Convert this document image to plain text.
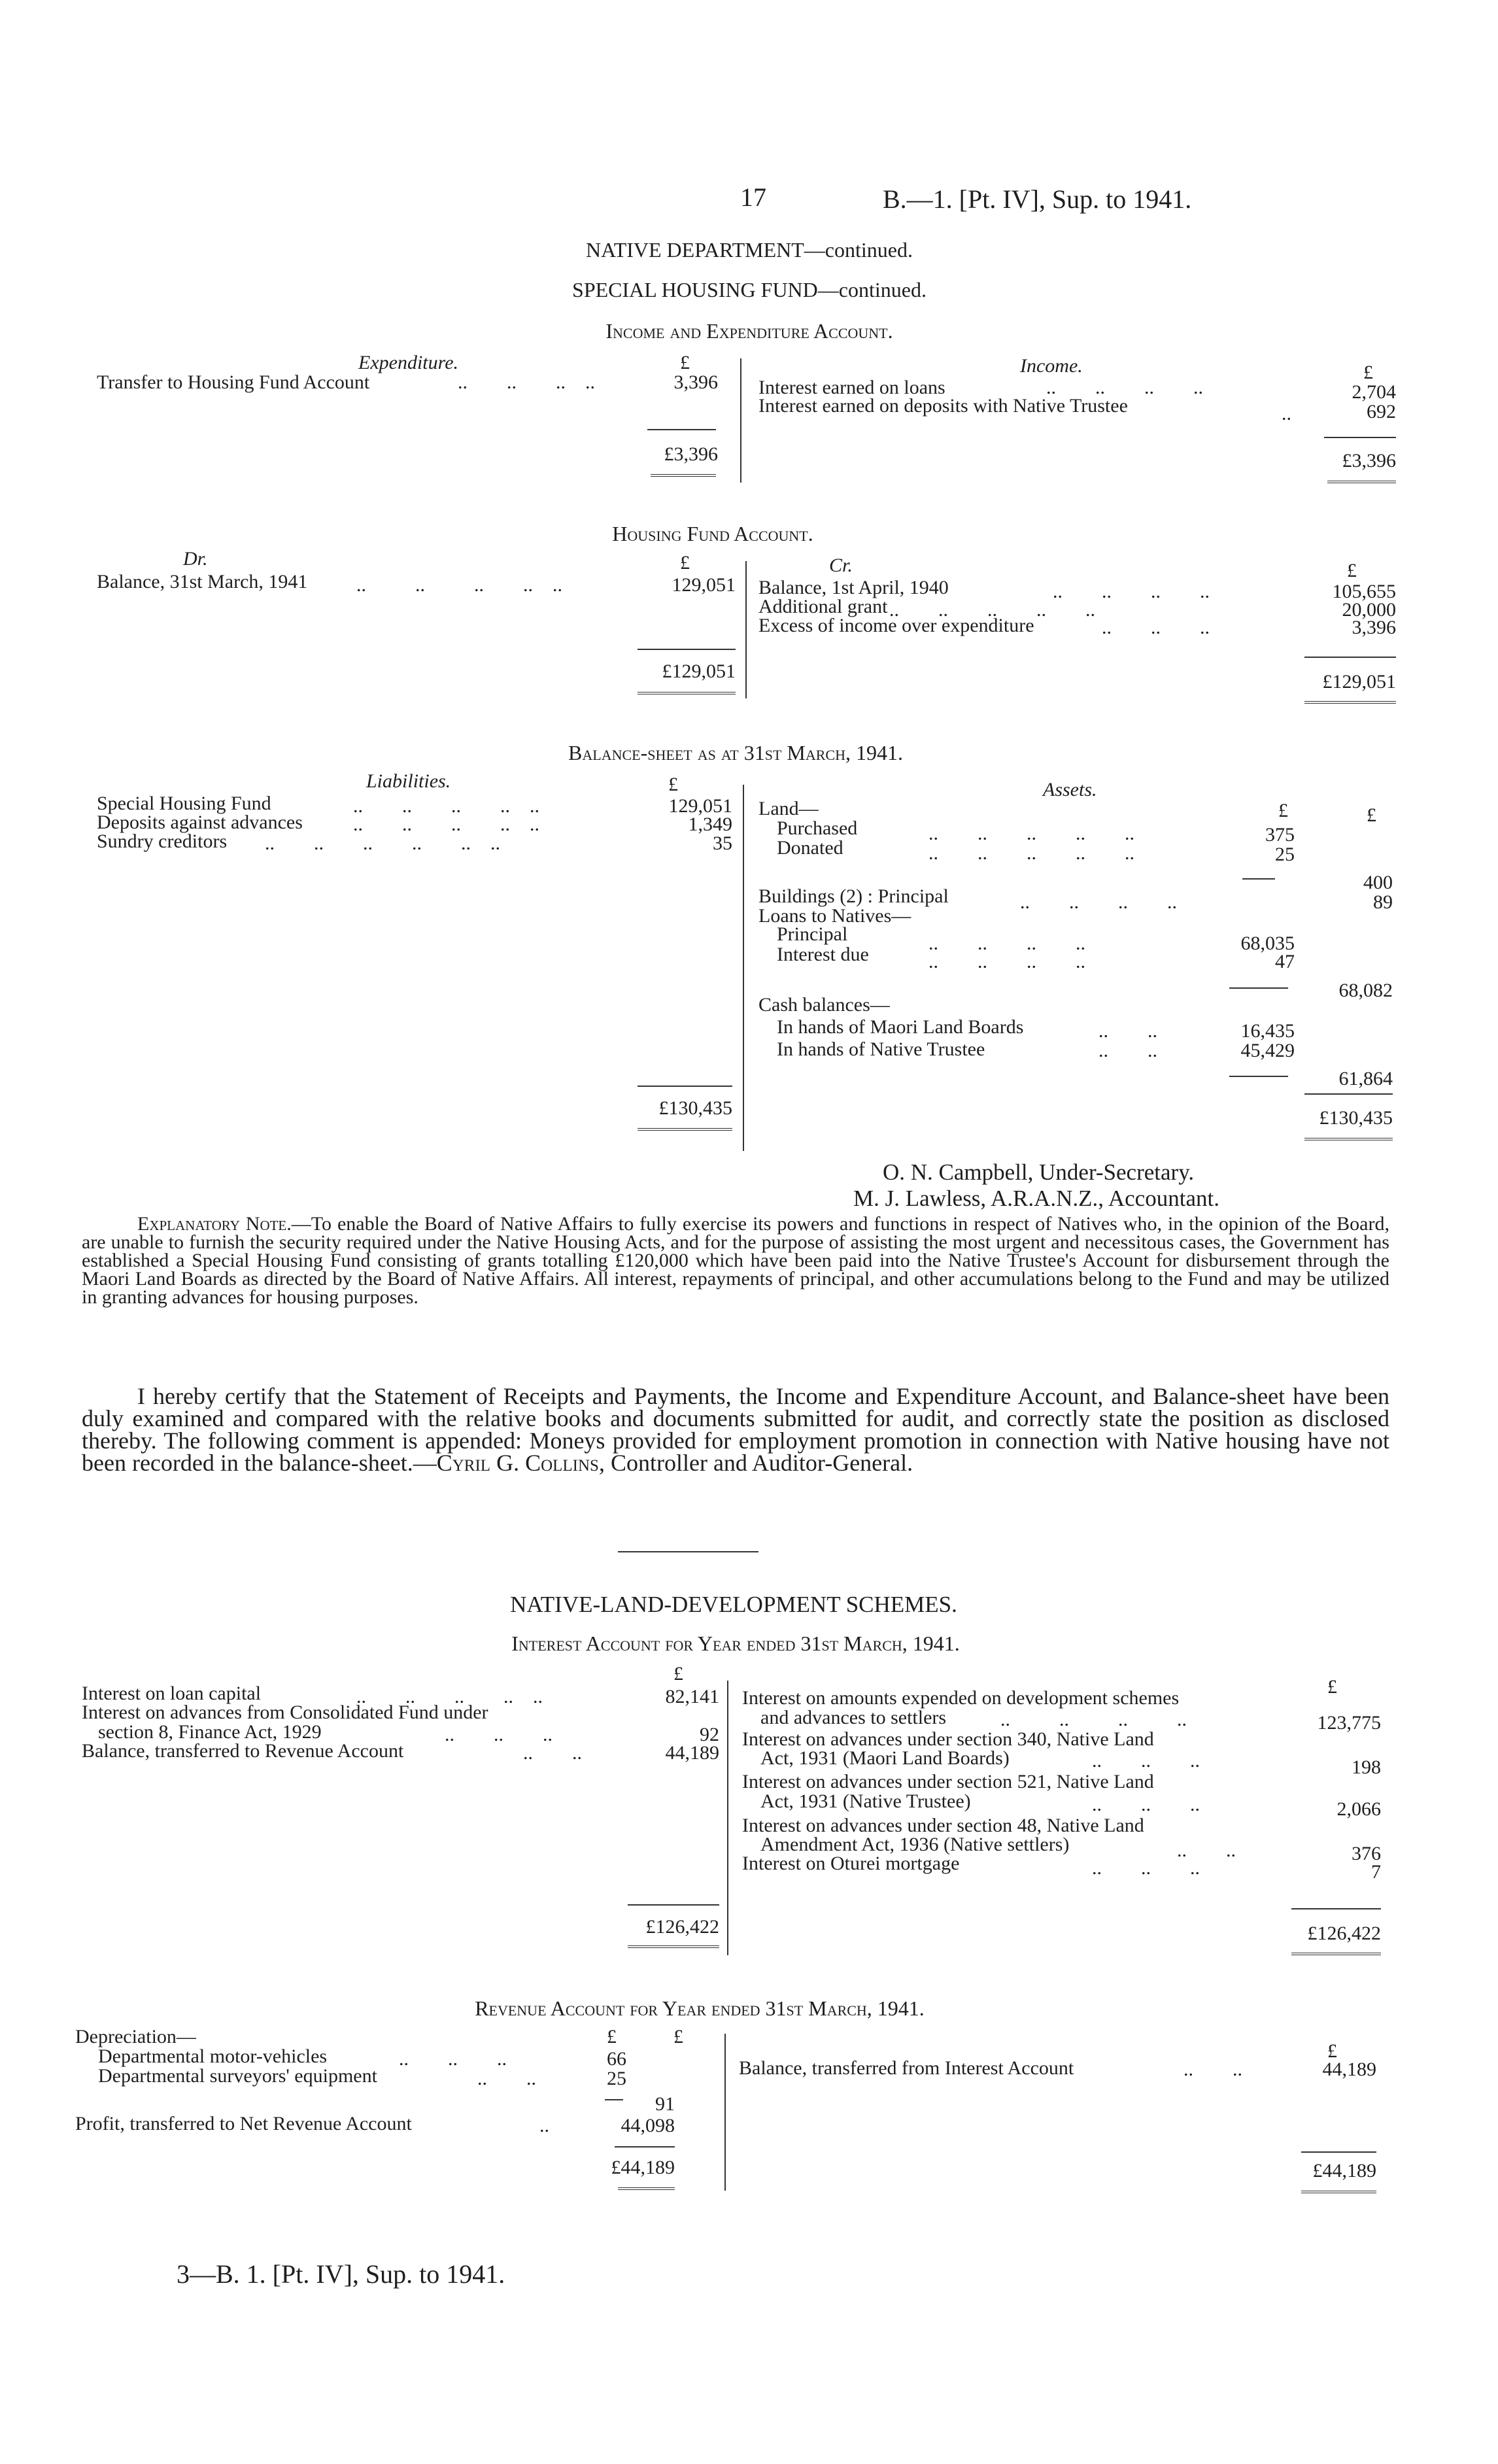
17	B.—1. [Pt. IV], Sup. to 1941.
NATIVE DEPARTMENT—continued.
SPECIAL HOUSING FUND—continued.
Income and Expenditure Account.
Expenditure.	£
Transfer to Housing Fund Account	..        ..        ..    ..	3,396
£3,396
Income.	£
Interest earned on loans	..        ..        ..        ..	2,704
Interest earned on deposits with Native Trustee	..	692
£3,396
Housing Fund Account.
Dr.	£
Balance, 31st March, 1941 ..          ..          ..        ..    ..	129,051
£129,051
Cr.	£
Balance, 1st April, 1940	..        ..        ..        ..	105,655
Additional grant ..        ..        ..        ..        ..	20,000
Excess of income over expenditure	..        ..        ..	3,396
£129,051
Balance-sheet as at 31st March, 1941.
Liabilities.	£
Special Housing Fund	..        ..        ..        ..    ..	129,051
Deposits against advances	..        ..        ..        ..    ..	1,349
Sundry creditors ..        ..        ..        ..        ..    ..	35
£130,435
Assets.
£	£
Land—
Purchased	..        ..        ..        ..        ..	375
Donated	..        ..        ..        ..        ..	25
400
Buildings (2) : Principal	..        ..        ..        ..	89
Loans to Natives—
Principal	..        ..        ..        ..	68,035
Interest due	..        ..        ..        ..	47
68,082
Cash balances—
In hands of Maori Land Boards	..        ..	16,435
In hands of Native Trustee	..        ..	45,429
61,864
£130,435
O. N. Campbell, Under-Secretary.
M. J. Lawless, A.R.A.N.Z., Accountant.
Explanatory Note.—To enable the Board of Native Affairs to fully exercise its powers and functions in respect of Natives who, in the opinion of the Board, are unable to furnish the security required under the Native Housing Acts, and for the purpose of assisting the most urgent and necessitous cases, the Government has established a Special Housing Fund consisting of grants totalling £120,000 which have been paid into the Native Trustee's Account for disbursement through the Maori Land Boards as directed by the Board of Native Affairs. All interest, repayments of principal, and other accumulations belong to the Fund and may be utilized in granting advances for housing purposes.
I hereby certify that the Statement of Receipts and Payments, the Income and Expenditure Account, and Balance-sheet have been duly examined and compared with the relative books and documents submitted for audit, and correctly state the position as disclosed thereby. The following comment is appended: Moneys provided for employment promotion in connection with Native housing have not been recorded in the balance-sheet.—Cyril G. Collins, Controller and Auditor-General.
NATIVE-LAND-DEVELOPMENT SCHEMES.
Interest Account for Year ended 31st March, 1941.
£
Interest on loan capital	..        ..        ..        ..    ..	82,141
Interest on advances from Consolidated Fund under
section 8, Finance Act, 1929	..        ..        ..	92
Balance, transferred to Revenue Account	..        ..	44,189
£126,422
£
Interest on amounts expended on development schemes
and advances to settlers	..          ..          ..          ..	123,775
Interest on advances under section 340, Native Land
Act, 1931 (Maori Land Boards)	..        ..        ..	198
Interest on advances under section 521, Native Land
Act, 1931 (Native Trustee)	..        ..        ..	2,066
Interest on advances under section 48, Native Land
Amendment Act, 1936 (Native settlers)	..        ..	376
Interest on Oturei mortgage	..        ..        ..	7
£126,422
Revenue Account for Year ended 31st March, 1941.
Depreciation—	£	£
Departmental motor-vehicles	..        ..        ..	66
Departmental surveyors' equipment	..        ..	25
91
Profit, transferred to Net Revenue Account	..	44,098
£44,189
£
Balance, transferred from Interest Account	..        ..	44,189
£44,189
3—B. 1. [Pt. IV], Sup. to 1941.
